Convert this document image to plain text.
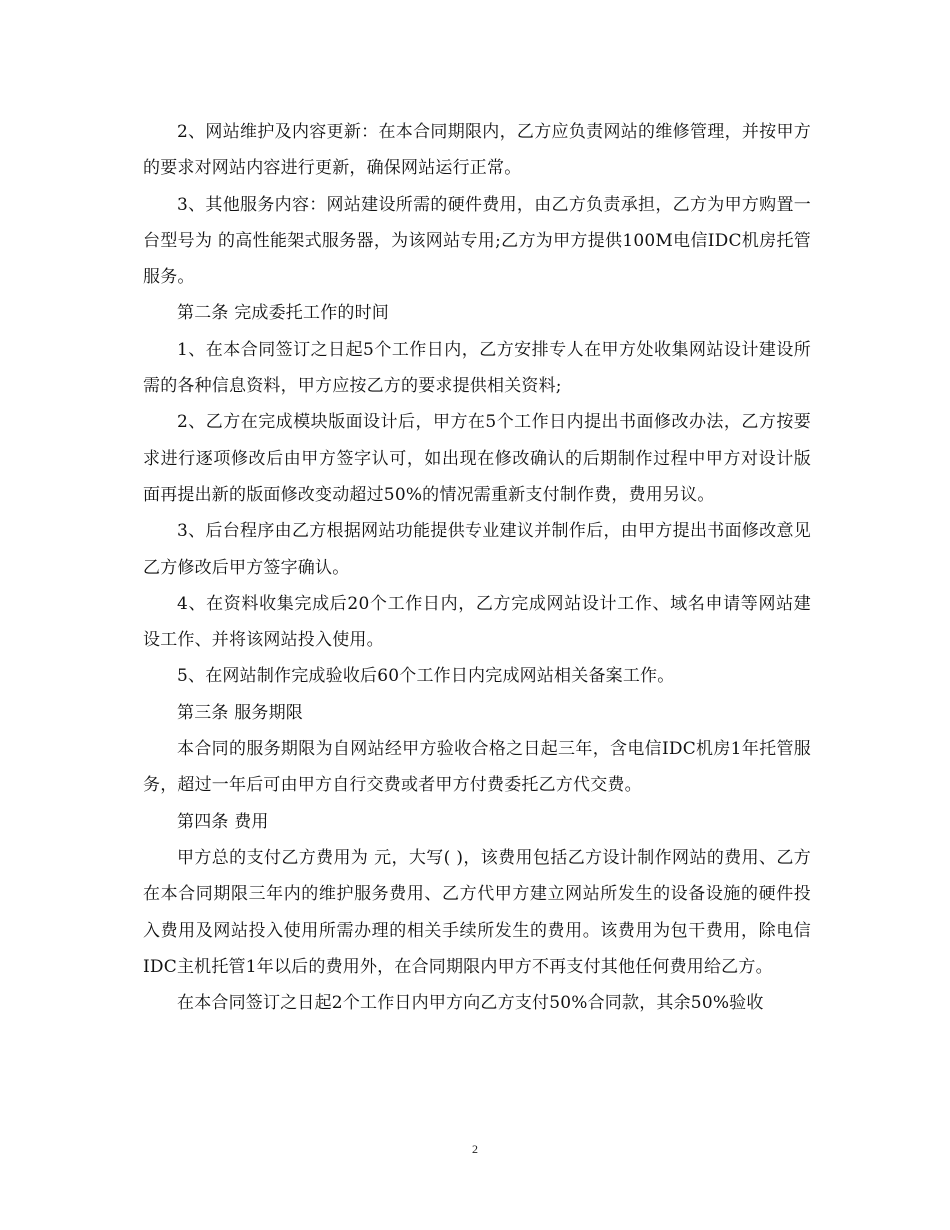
2、网站维护及内容更新：在本合同期限内，乙方应负责网站的维修管理，并按甲方的要求对网站内容进行更新，确保网站运行正常。

3、其他服务内容：网站建设所需的硬件费用，由乙方负责承担，乙方为甲方购置一台型号为 的高性能架式服务器，为该网站专用;乙方为甲方提供100M电信IDC机房托管服务。

第二条 完成委托工作的时间

1、在本合同签订之日起5个工作日内，乙方安排专人在甲方处收集网站设计建设所需的各种信息资料，甲方应按乙方的要求提供相关资料;

2、乙方在完成模块版面设计后，甲方在5个工作日内提出书面修改办法，乙方按要求进行逐项修改后由甲方签字认可，如出现在修改确认的后期制作过程中甲方对设计版面再提出新的版面修改变动超过50%的情况需重新支付制作费，费用另议。

3、后台程序由乙方根据网站功能提供专业建议并制作后，由甲方提出书面修改意见乙方修改后甲方签字确认。

4、在资料收集完成后20个工作日内，乙方完成网站设计工作、域名申请等网站建设工作、并将该网站投入使用。

5、在网站制作完成验收后60个工作日内完成网站相关备案工作。

第三条 服务期限

本合同的服务期限为自网站经甲方验收合格之日起三年，含电信IDC机房1年托管服务，超过一年后可由甲方自行交费或者甲方付费委托乙方代交费。

第四条 费用

甲方总的支付乙方费用为 元，大写( )，该费用包括乙方设计制作网站的费用、乙方在本合同期限三年内的维护服务费用、乙方代甲方建立网站所发生的设备设施的硬件投入费用及网站投入使用所需办理的相关手续所发生的费用。该费用为包干费用，除电信IDC主机托管1年以后的费用外，在合同期限内甲方不再支付其他任何费用给乙方。

在本合同签订之日起2个工作日内甲方向乙方支付50%合同款，其余50%验收

2
